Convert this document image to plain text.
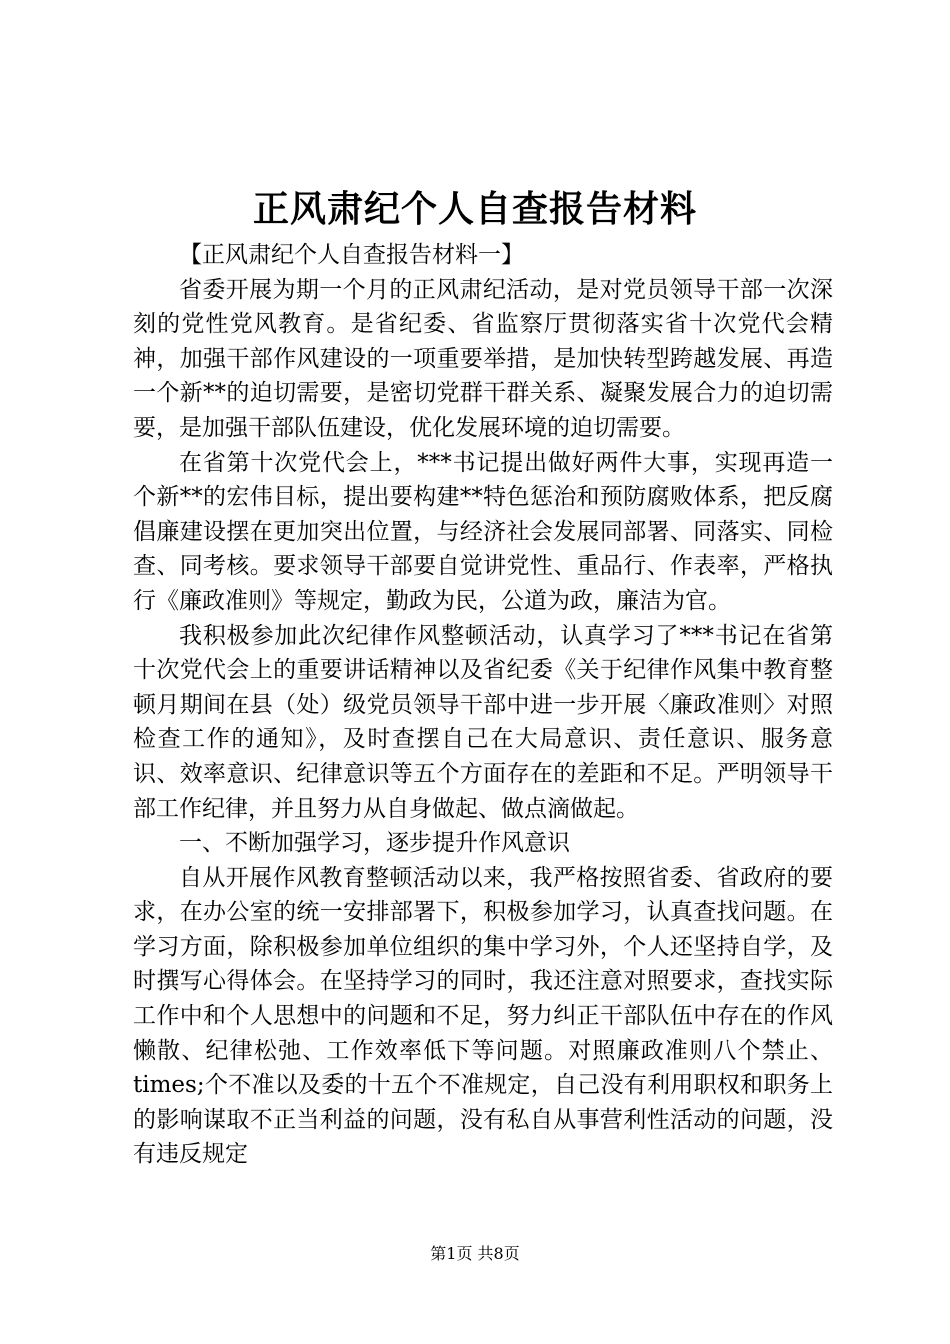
正风肃纪个人自查报告材料
【正风肃纪个人自查报告材料一】

省委开展为期一个月的正风肃纪活动，是对党员领导干部一次深刻的党性党风教育。是省纪委、省监察厅贯彻落实省十次党代会精神，加强干部作风建设的一项重要举措，是加快转型跨越发展、再造一个新**的迫切需要，是密切党群干群关系、凝聚发展合力的迫切需要，是加强干部队伍建设，优化发展环境的迫切需要。

在省第十次党代会上，***书记提出做好两件大事，实现再造一个新**的宏伟目标，提出要构建**特色惩治和预防腐败体系，把反腐倡廉建设摆在更加突出位置，与经济社会发展同部署、同落实、同检查、同考核。要求领导干部要自觉讲党性、重品行、作表率，严格执行《廉政准则》等规定，勤政为民，公道为政，廉洁为官。

我积极参加此次纪律作风整顿活动，认真学习了***书记在省第十次党代会上的重要讲话精神以及省纪委《关于纪律作风集中教育整顿月期间在县（处）级党员领导干部中进一步开展〈廉政准则〉对照检查工作的通知》，及时查摆自己在大局意识、责任意识、服务意识、效率意识、纪律意识等五个方面存在的差距和不足。严明领导干部工作纪律，并且努力从自身做起、做点滴做起。

一、不断加强学习，逐步提升作风意识

自从开展作风教育整顿活动以来，我严格按照省委、省政府的要求，在办公室的统一安排部署下，积极参加学习，认真查找问题。在学习方面，除积极参加单位组织的集中学习外，个人还坚持自学，及时撰写心得体会。在坚持学习的同时，我还注意对照要求，查找实际工作中和个人思想中的问题和不足，努力纠正干部队伍中存在的作风懒散、纪律松弛、工作效率低下等问题。对照廉政准则八个禁止、times;个不准以及委的十五个不准规定，自己没有利用职权和职务上的影响谋取不正当利益的问题，没有私自从事营利性活动的问题，没有违反规定

第1页 共8页
